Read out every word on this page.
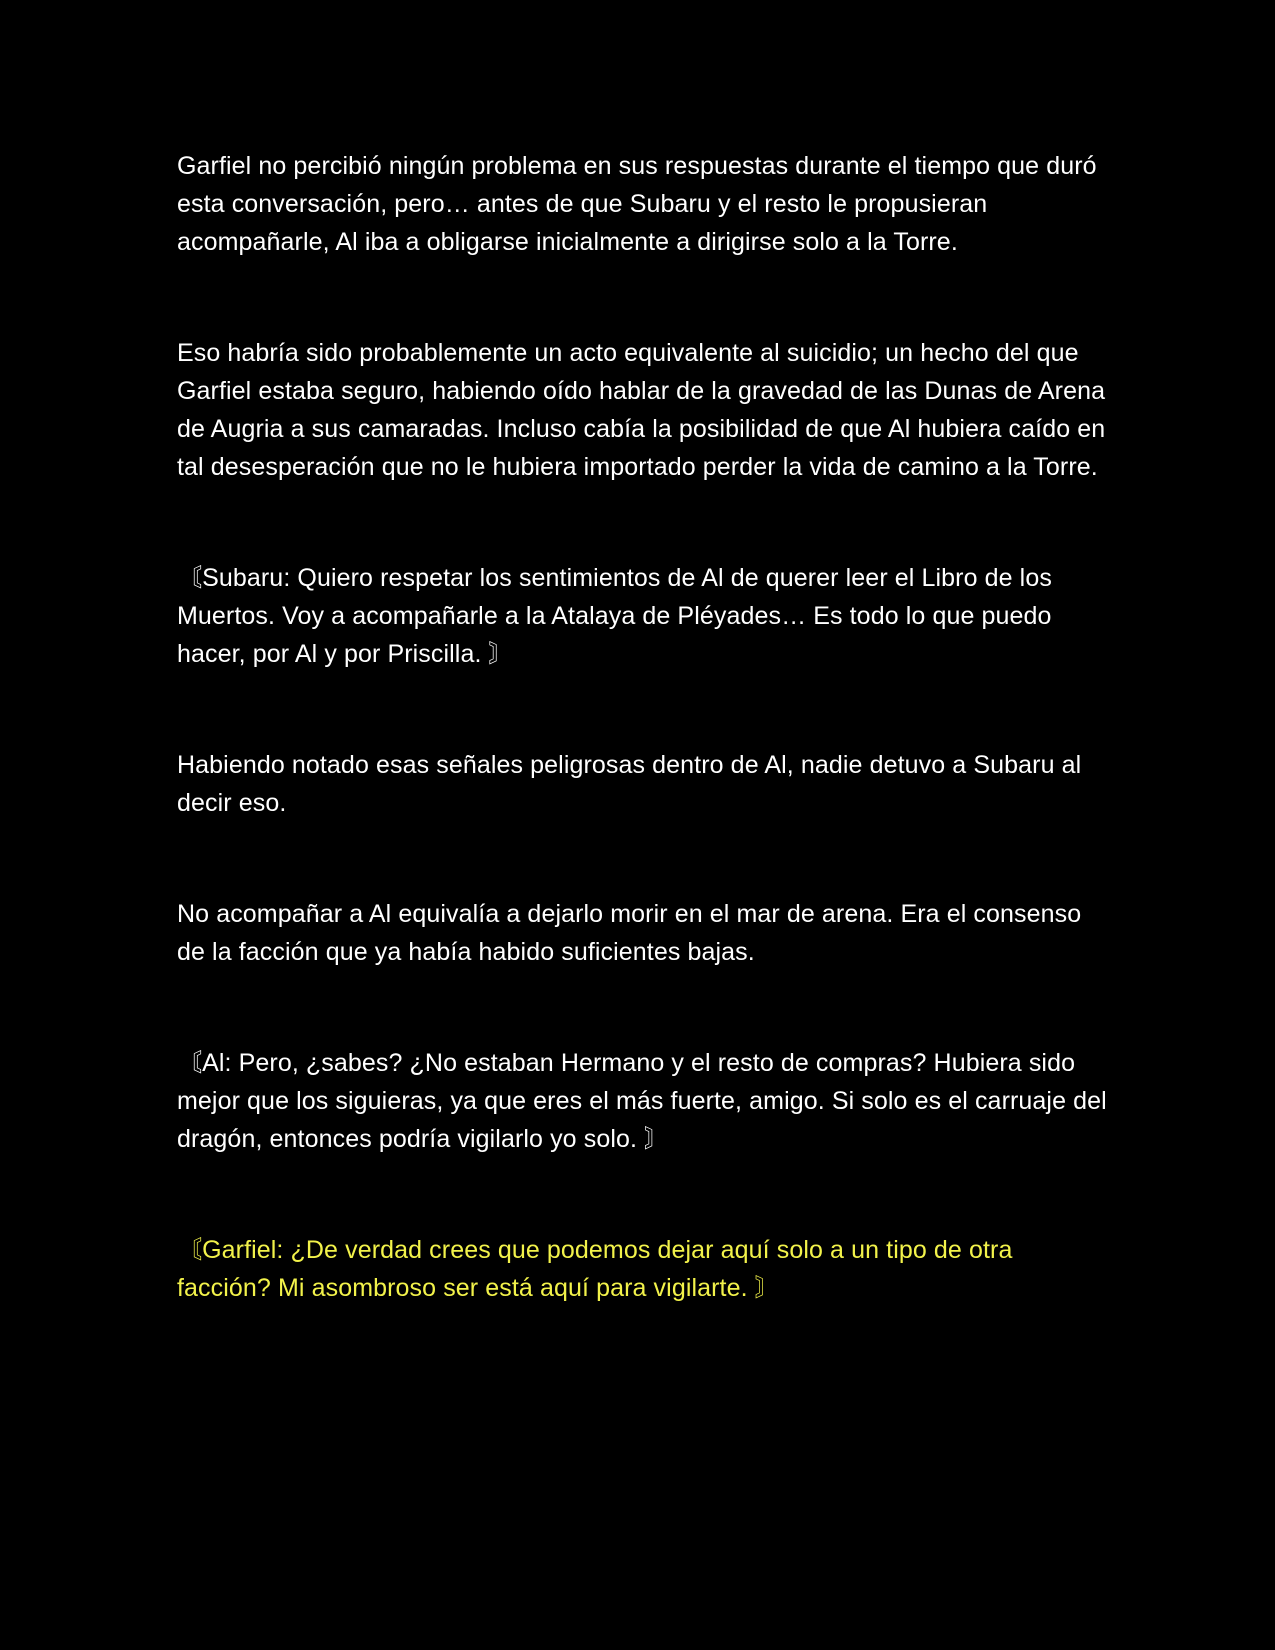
Garfiel no percibió ningún problema en sus respuestas durante el tiempo que duró esta conversación, pero… antes de que Subaru y el resto le propusieran acompañarle, Al iba a obligarse inicialmente a dirigirse solo a la Torre.

Eso habría sido probablemente un acto equivalente al suicidio; un hecho del que Garfiel estaba seguro, habiendo oído hablar de la gravedad de las Dunas de Arena de Augria a sus camaradas. Incluso cabía la posibilidad de que Al hubiera caído en tal desesperación que no le hubiera importado perder la vida de camino a la Torre.

〘Subaru: Quiero respetar los sentimientos de Al de querer leer el Libro de los Muertos. Voy a acompañarle a la Atalaya de Pléyades… Es todo lo que puedo hacer, por Al y por Priscilla. 〙

Habiendo notado esas señales peligrosas dentro de Al, nadie detuvo a Subaru al decir eso.

No acompañar a Al equivalía a dejarlo morir en el mar de arena. Era el consenso de la facción que ya había habido suficientes bajas.

〘Al: Pero, ¿sabes? ¿No estaban Hermano y el resto de compras? Hubiera sido mejor que los siguieras, ya que eres el más fuerte, amigo. Si solo es el carruaje del dragón, entonces podría vigilarlo yo solo. 〙

〘Garfiel: ¿De verdad crees que podemos dejar aquí solo a un tipo de otra facción? Mi asombroso ser está aquí para vigilarte. 〙
